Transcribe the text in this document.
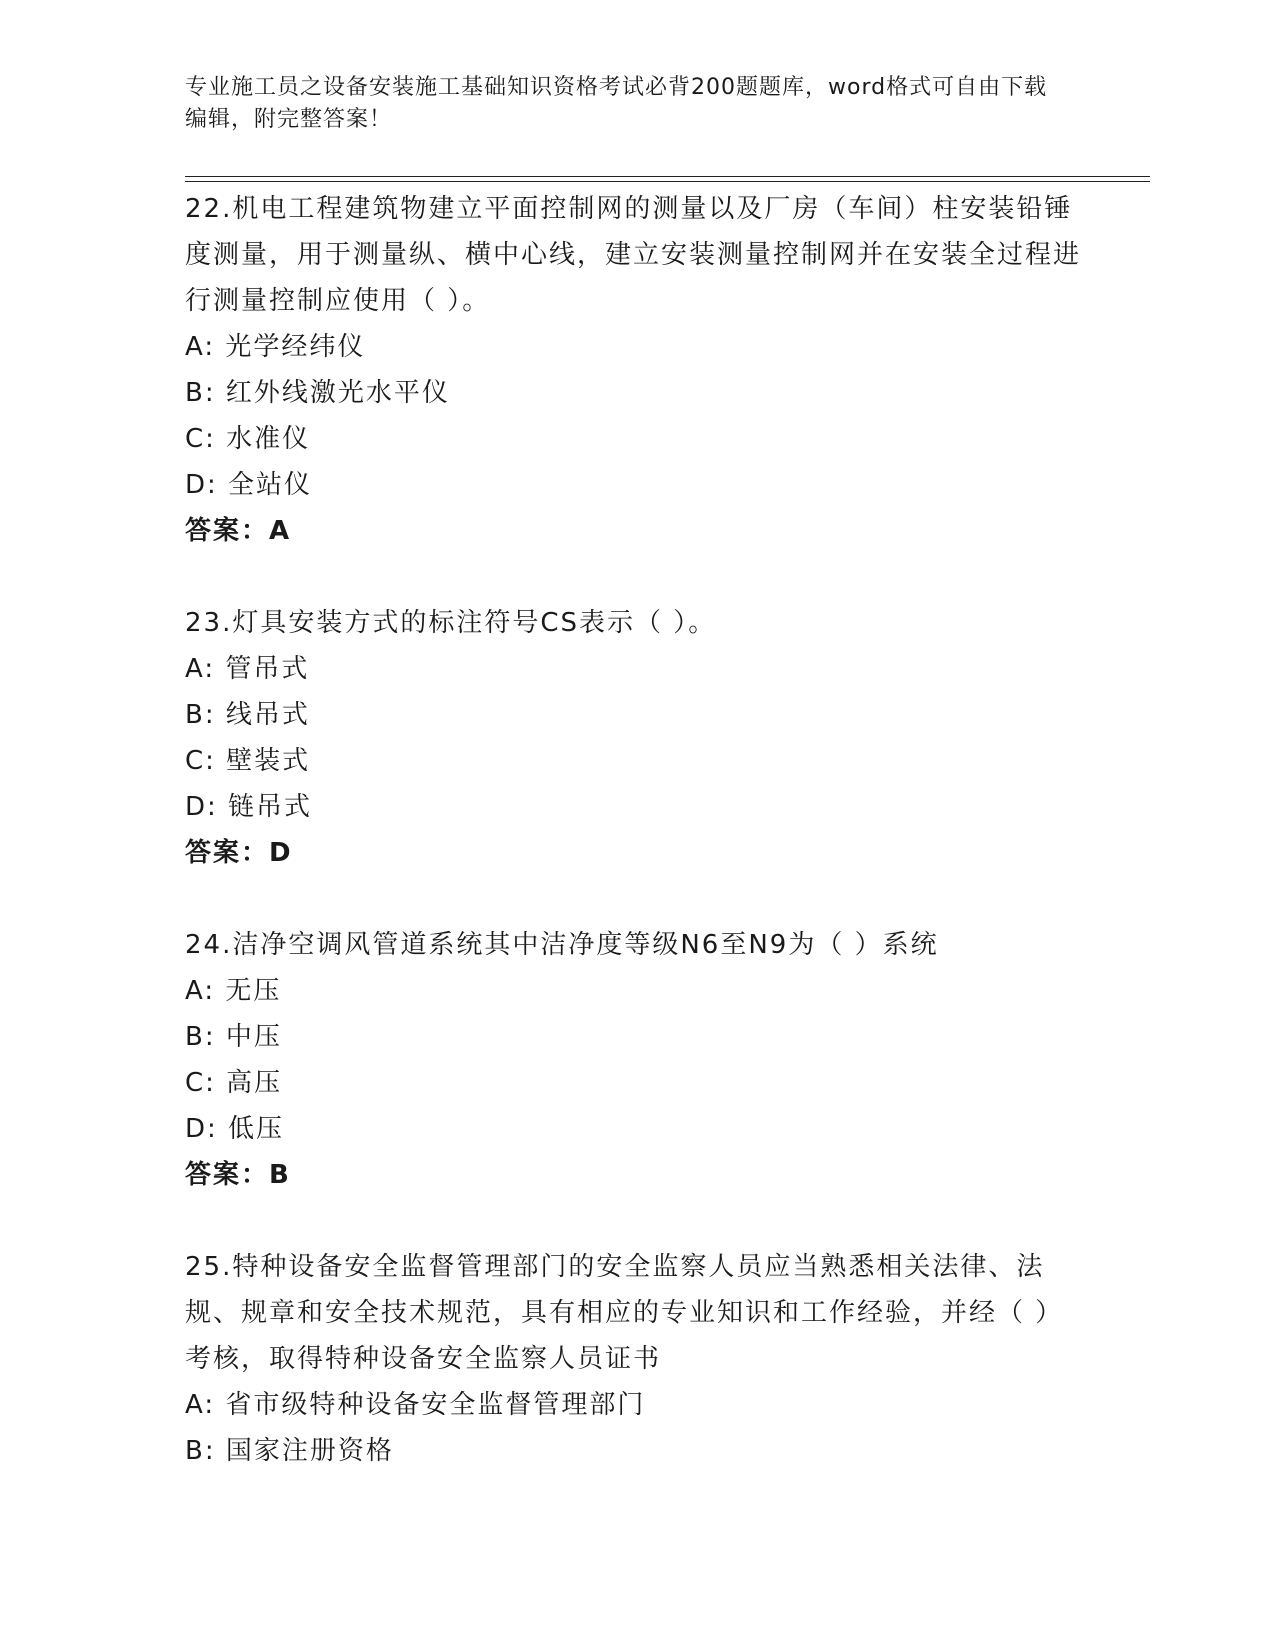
专业施工员之设备安装施工基础知识资格考试必背200题题库，word格式可自由下载编辑，附完整答案！

22.机电工程建筑物建立平面控制网的测量以及厂房（车间）柱安装铅锤度测量，用于测量纵、横中心线，建立安装测量控制网并在安装全过程进行测量控制应使用（ ）。

A: 光学经纬仪

B: 红外线激光水平仪

C: 水准仪

D: 全站仪

答案：A

23.灯具安装方式的标注符号CS表示（ ）。

A: 管吊式

B: 线吊式

C: 壁装式

D: 链吊式

答案：D

24.洁净空调风管道系统其中洁净度等级N6至N9为（ ）系统

A: 无压

B: 中压

C: 高压

D: 低压

答案：B

25.特种设备安全监督管理部门的安全监察人员应当熟悉相关法律、法规、规章和安全技术规范，具有相应的专业知识和工作经验，并经（ ）考核，取得特种设备安全监察人员证书

A: 省市级特种设备安全监督管理部门

B: 国家注册资格
